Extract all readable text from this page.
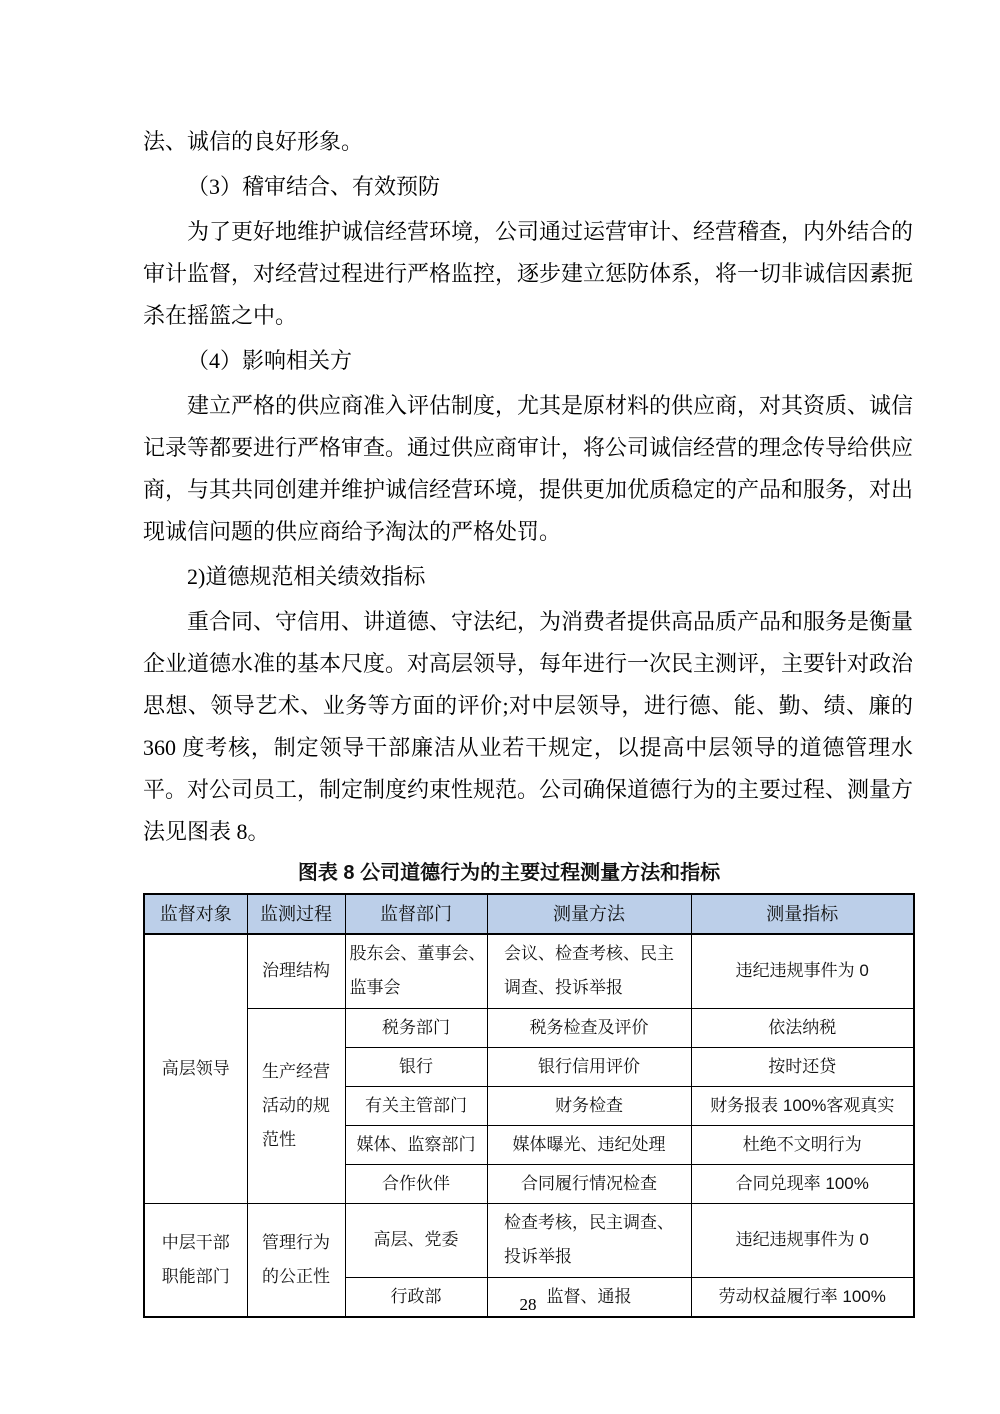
法、诚信的良好形象。

（3）稽审结合、有效预防

为了更好地维护诚信经营环境，公司通过运营审计、经营稽查，内外结合的审计监督，对经营过程进行严格监控，逐步建立惩防体系，将一切非诚信因素扼杀在摇篮之中。

（4）影响相关方

建立严格的供应商准入评估制度，尤其是原材料的供应商，对其资质、诚信记录等都要进行严格审查。通过供应商审计，将公司诚信经营的理念传导给供应商，与其共同创建并维护诚信经营环境，提供更加优质稳定的产品和服务，对出现诚信问题的供应商给予淘汰的严格处罚。

2)道德规范相关绩效指标

重合同、守信用、讲道德、守法纪，为消费者提供高品质产品和服务是衡量企业道德水准的基本尺度。对高层领导，每年进行一次民主测评，主要针对政治思想、领导艺术、业务等方面的评价;对中层领导，进行德、能、勤、绩、廉的 360 度考核，制定领导干部廉洁从业若干规定，以提高中层领导的道德管理水平。对公司员工，制定制度约束性规范。公司确保道德行为的主要过程、测量方法见图表 8。

图表 8 公司道德行为的主要过程测量方法和指标
监督对象	监测过程	监督部门	测量方法	测量指标
高层领导	治理结构	股东会、董事会、监事会	会议、检查考核、民主调查、投诉举报	违纪违规事件为 0
	生产经营活动的规范性	税务部门	税务检查及评价	依法纳税
		银行	银行信用评价	按时还贷
		有关主管部门	财务检查	财务报表 100%客观真实
		媒体、监察部门	媒体曝光、违纪处理	杜绝不文明行为
		合作伙伴	合同履行情况检查	合同兑现率 100%
中层干部职能部门	管理行为的公正性	高层、党委	检查考核，民主调查、投诉举报	违纪违规事件为 0
		行政部	监督、通报	劳动权益履行率 100%
28
